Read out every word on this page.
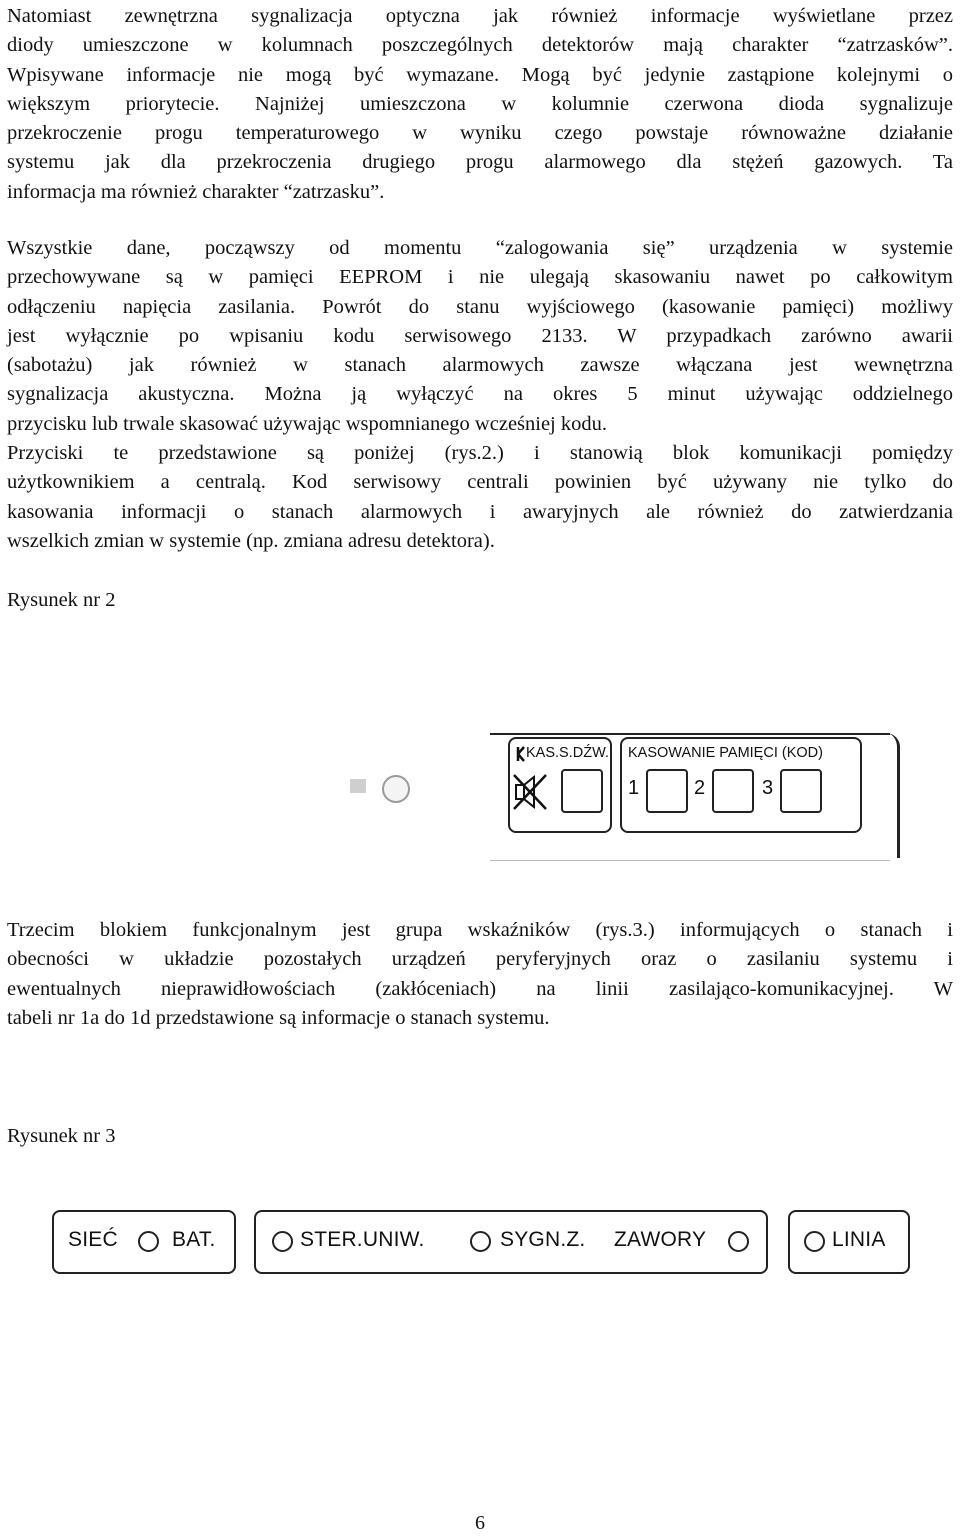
Natomiast zewnętrzna sygnalizacja optyczna jak również informacje wyświetlane przez
diody umieszczone w kolumnach poszczególnych detektorów mają charakter “zatrzasków”.
Wpisywane informacje nie mogą być wymazane. Mogą być jedynie zastąpione kolejnymi o
większym priorytecie. Najniżej umieszczona w kolumnie czerwona dioda sygnalizuje
przekroczenie progu temperaturowego w wyniku czego powstaje równoważne działanie
systemu jak dla przekroczenia drugiego progu alarmowego dla stężeń gazowych. Ta
informacja ma również charakter “zatrzasku”.
Wszystkie dane, począwszy od momentu “zalogowania się” urządzenia w systemie
przechowywane są w pamięci EEPROM i nie ulegają skasowaniu nawet po całkowitym
odłączeniu napięcia zasilania. Powrót do stanu wyjściowego (kasowanie pamięci) możliwy
jest wyłącznie po wpisaniu kodu serwisowego 2133. W przypadkach zarówno awarii
(sabotażu) jak również w stanach alarmowych zawsze włączana jest wewnętrzna
sygnalizacja akustyczna. Można ją wyłączyć na okres 5 minut używając oddzielnego
przycisku lub trwale skasować używając wspomnianego wcześniej kodu.
Przyciski te przedstawione są poniżej (rys.2.) i stanowią blok komunikacji pomiędzy
użytkownikiem a centralą. Kod serwisowy centrali powinien być używany nie tylko do
kasowania informacji o stanach alarmowych i awaryjnych ale również do zatwierdzania
wszelkich zmian w systemie (np. zmiana adresu detektora).
Rysunek nr 2
KAS.S.DŹW. KASOWANIE PAMIĘCI (KOD)
1	2	3
Trzecim blokiem funkcjonalnym jest grupa wskaźników (rys.3.) informujących o stanach i
obecności w układzie pozostałych urządzeń peryferyjnych oraz o zasilaniu systemu i
ewentualnych nieprawidłowościach (zakłóceniach) na linii zasilająco-komunikacyjnej. W
tabeli nr 1a do 1d przedstawione są informacje o stanach systemu.
Rysunek nr 3
SIEĆ	BAT.	STER.UNIW.	SYGN.Z. ZAWORY	LINIA
6
